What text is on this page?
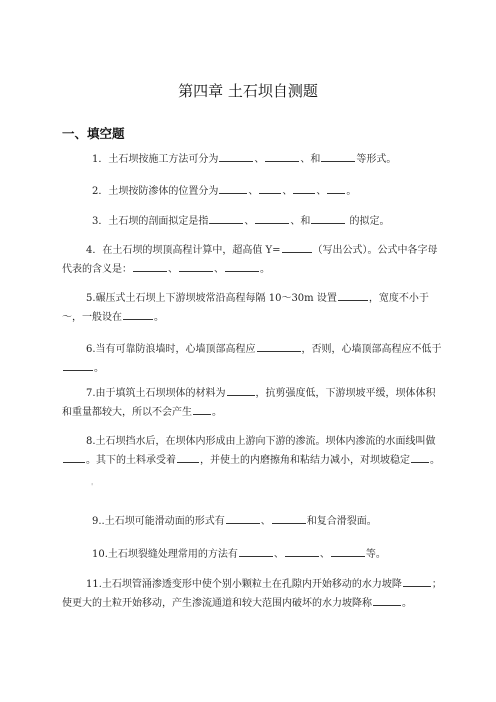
第四章 土石坝自测题
一、填空题
1．土石坝按施工方法可分为	、	、和	等形式。
2．土坝按防渗体的位置分为	、 、 、 。
3．土石坝的剖面拟定是指	、	、和	的拟定。
4．在土石坝的坝顶高程计算中，超高值 Y=	（写出公式）。公式中各字母代表的含义是：	、	、	。
5.碾压式土石坝上下游坝坡常沿高程每隔 10～30m 设置	，宽度不小于～，一般设在	。
6.当有可靠防浪墙时，心墙顶部高程应	，否则，心墙顶部高程应不低于。
7.由于填筑土石坝坝体的材料为	，抗剪强度低，下游坝坡平缓，坝体体积和重量都较大，所以不会产生 。
8.土石坝挡水后，在坝体内形成由上游向下游的渗流。坝体内渗流的水面线叫做。其下的土料承受着 ，并使土的内磨擦角和粘结力减小，对坝坡稳定 。
'
9..土石坝可能滑动面的形式有	、	和复合滑裂面。
10.土石坝裂缝处理常用的方法有	、	、	等。
11.土石坝管涌渗透变形中使个别小颗粒土在孔隙内开始移动的水力坡降	；使更大的土粒开始移动，产生渗流通道和较大范围内破坏的水力坡降称	。
